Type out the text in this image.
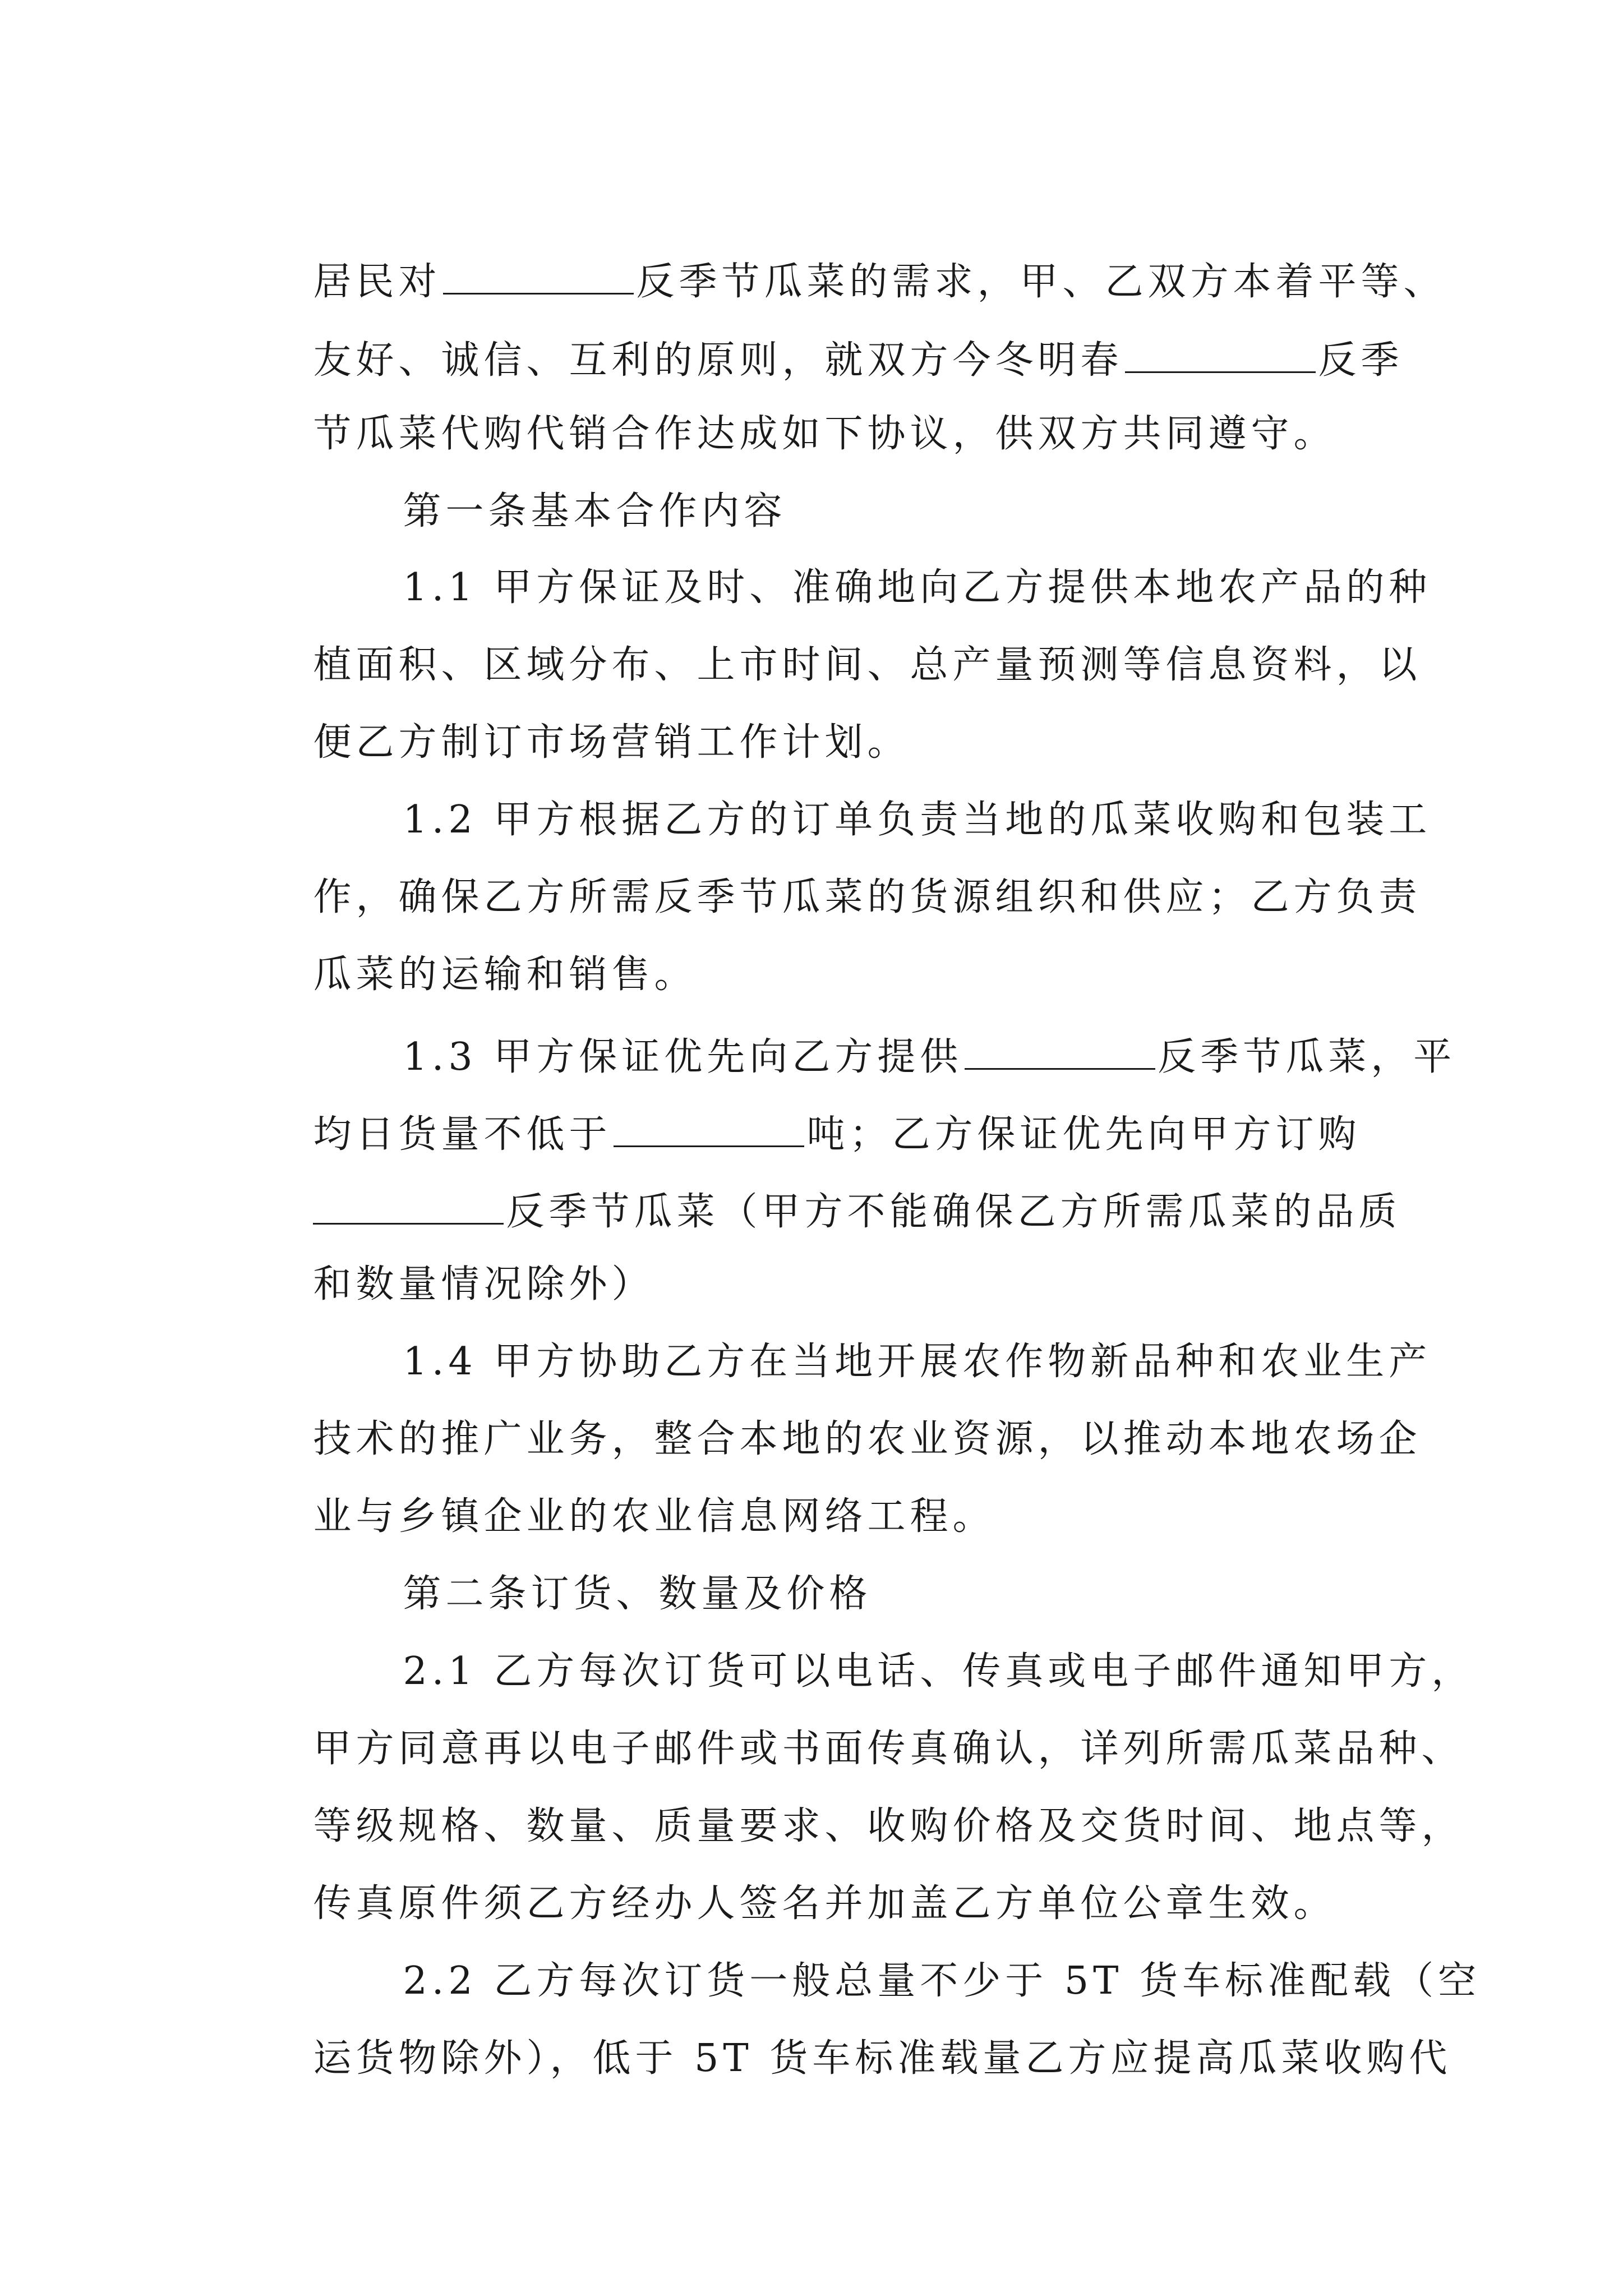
居民对	反季节瓜菜的需求，甲、乙双方本着平等、

友好、诚信、互利的原则，就双方今冬明春	反季

节瓜菜代购代销合作达成如下协议，供双方共同遵守。

第一条基本合作内容

1.1 甲方保证及时、准确地向乙方提供本地农产品的种

植面积、区域分布、上市时间、总产量预测等信息资料，以

便乙方制订市场营销工作计划。

1.2 甲方根据乙方的订单负责当地的瓜菜收购和包装工

作，确保乙方所需反季节瓜菜的货源组织和供应；乙方负责

瓜菜的运输和销售。

1.3 甲方保证优先向乙方提供	反季节瓜菜，平

均日货量不低于	吨；乙方保证优先向甲方订购

反季节瓜菜（甲方不能确保乙方所需瓜菜的品质

和数量情况除外）

1.4 甲方协助乙方在当地开展农作物新品种和农业生产

技术的推广业务，整合本地的农业资源，以推动本地农场企

业与乡镇企业的农业信息网络工程。

第二条订货、数量及价格

2.1 乙方每次订货可以电话、传真或电子邮件通知甲方，

甲方同意再以电子邮件或书面传真确认，详列所需瓜菜品种、

等级规格、数量、质量要求、收购价格及交货时间、地点等，

传真原件须乙方经办人签名并加盖乙方单位公章生效。

2.2 乙方每次订货一般总量不少于 5T 货车标准配载（空

运货物除外），低于 5T 货车标准载量乙方应提高瓜菜收购代
